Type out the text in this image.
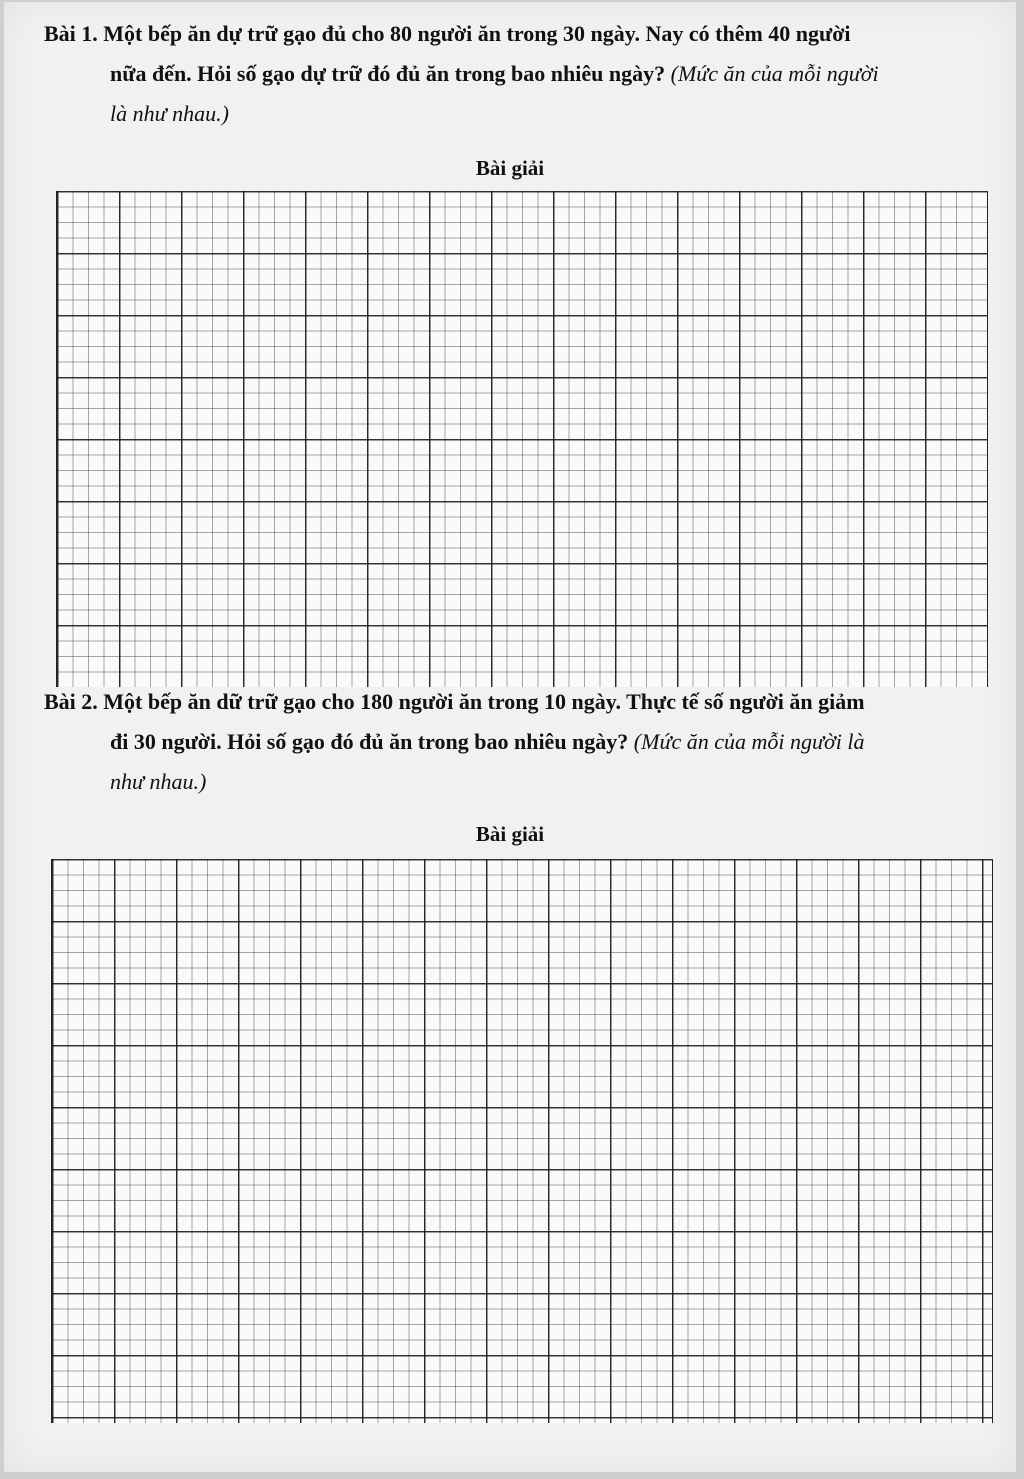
Bài 1. Một bếp ăn dự trữ gạo đủ cho 80 người ăn trong 30 ngày. Nay có thêm 40 người
nữa đến. Hỏi số gạo dự trữ đó đủ ăn trong bao nhiêu ngày? (Mức ăn của mỗi người
là như nhau.)
Bài giải
Bài 2. Một bếp ăn dữ trữ gạo cho 180 người ăn trong 10 ngày. Thực tế số người ăn giảm
đi 30 người. Hỏi số gạo đó đủ ăn trong bao nhiêu ngày? (Mức ăn của mỗi người là
như nhau.)
Bài giải
